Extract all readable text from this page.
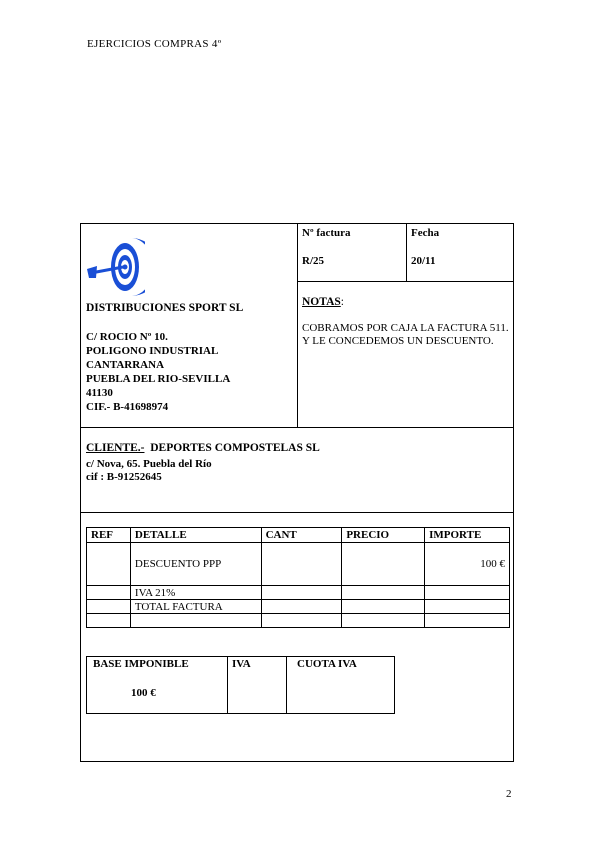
EJERCICIOS COMPRAS 4º
DISTRIBUCIONES SPORT SL
C/ ROCIO Nº 10.
POLIGONO INDUSTRIAL
CANTARRANA
PUEBLA DEL RIO-SEVILLA
41130
CIF.- B-41698974
Nº factura
R/25
Fecha
20/11
NOTAS:
COBRAMOS POR CAJA LA FACTURA 511. Y LE CONCEDEMOS UN DESCUENTO.
CLIENTE.- DEPORTES COMPOSTELAS SL
c/ Nova, 65. Puebla del Río
cif : B-91252645
REF	DETALLE	CANT	PRECIO	IMPORTE
	DESCUENTO PPP			100 €
	IVA 21%			
	TOTAL FACTURA			

BASE IMPONIBLE	IVA	CUOTA IVA
100 €
2
